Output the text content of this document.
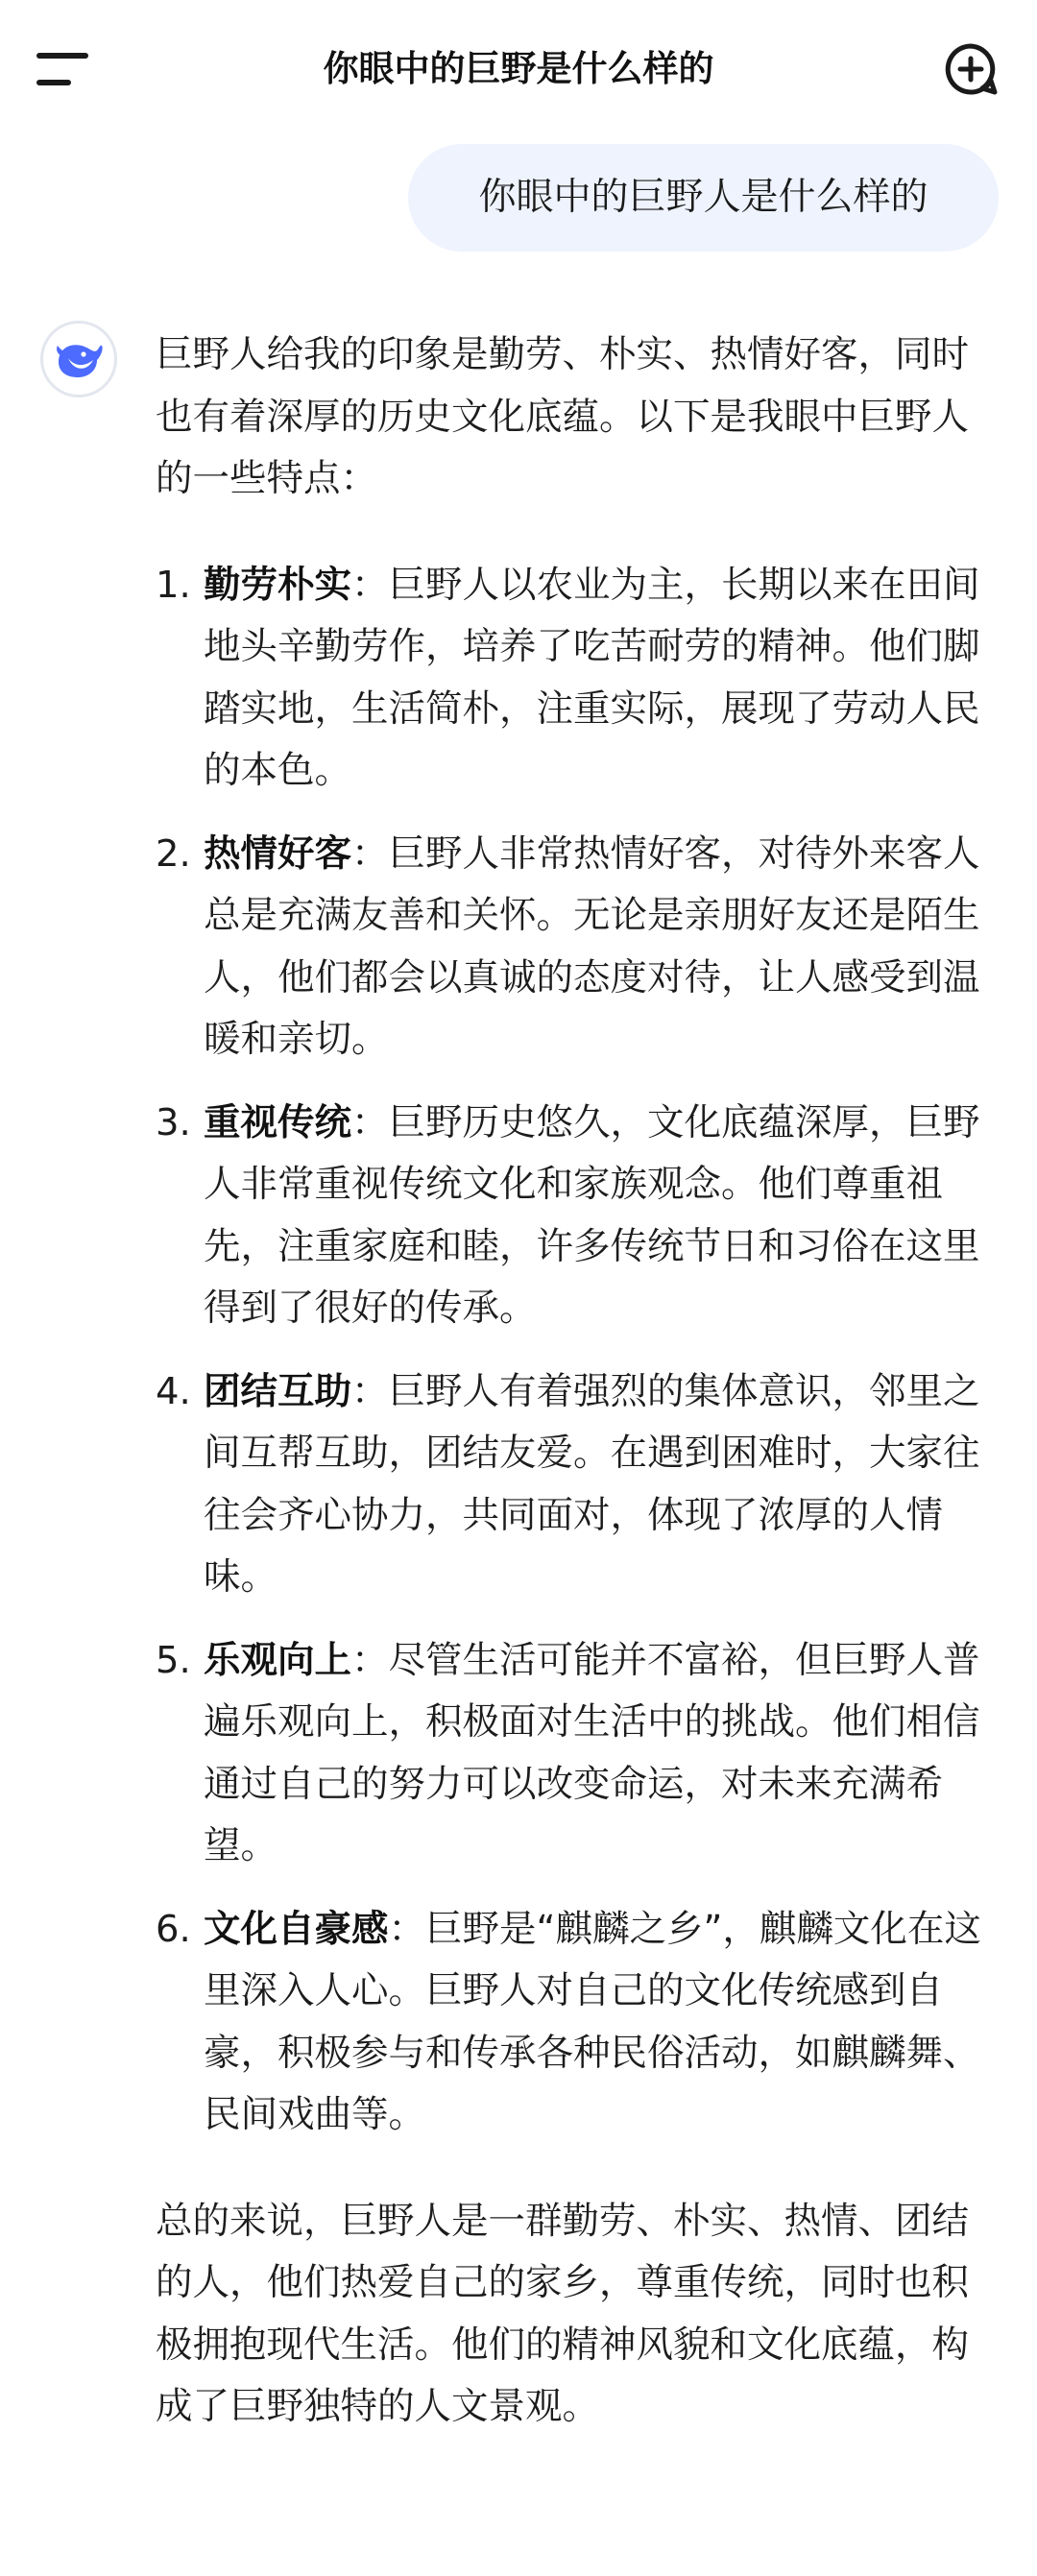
你眼中的巨野是什么样的
你眼中的巨野人是什么样的

巨野人给我的印象是勤劳、朴实、热情好客，同时也有着深厚的历史文化底蕴。以下是我眼中巨野人的一些特点：

1. 勤劳朴实：巨野人以农业为主，长期以来在田间地头辛勤劳作，培养了吃苦耐劳的精神。他们脚踏实地，生活简朴，注重实际，展现了劳动人民的本色。
2. 热情好客：巨野人非常热情好客，对待外来客人总是充满友善和关怀。无论是亲朋好友还是陌生人，他们都会以真诚的态度对待，让人感受到温暖和亲切。
3. 重视传统：巨野历史悠久，文化底蕴深厚，巨野人非常重视传统文化和家族观念。他们尊重祖先，注重家庭和睦，许多传统节日和习俗在这里得到了很好的传承。
4. 团结互助：巨野人有着强烈的集体意识，邻里之间互帮互助，团结友爱。在遇到困难时，大家往往会齐心协力，共同面对，体现了浓厚的人情味。
5. 乐观向上：尽管生活可能并不富裕，但巨野人普遍乐观向上，积极面对生活中的挑战。他们相信通过自己的努力可以改变命运，对未来充满希望。
6. 文化自豪感：巨野是“麒麟之乡”，麒麟文化在这里深入人心。巨野人对自己的文化传统感到自豪，积极参与和传承各种民俗活动，如麒麟舞、民间戏曲等。

总的来说，巨野人是一群勤劳、朴实、热情、团结的人，他们热爱自己的家乡，尊重传统，同时也积极拥抱现代生活。他们的精神风貌和文化底蕴，构成了巨野独特的人文景观。
